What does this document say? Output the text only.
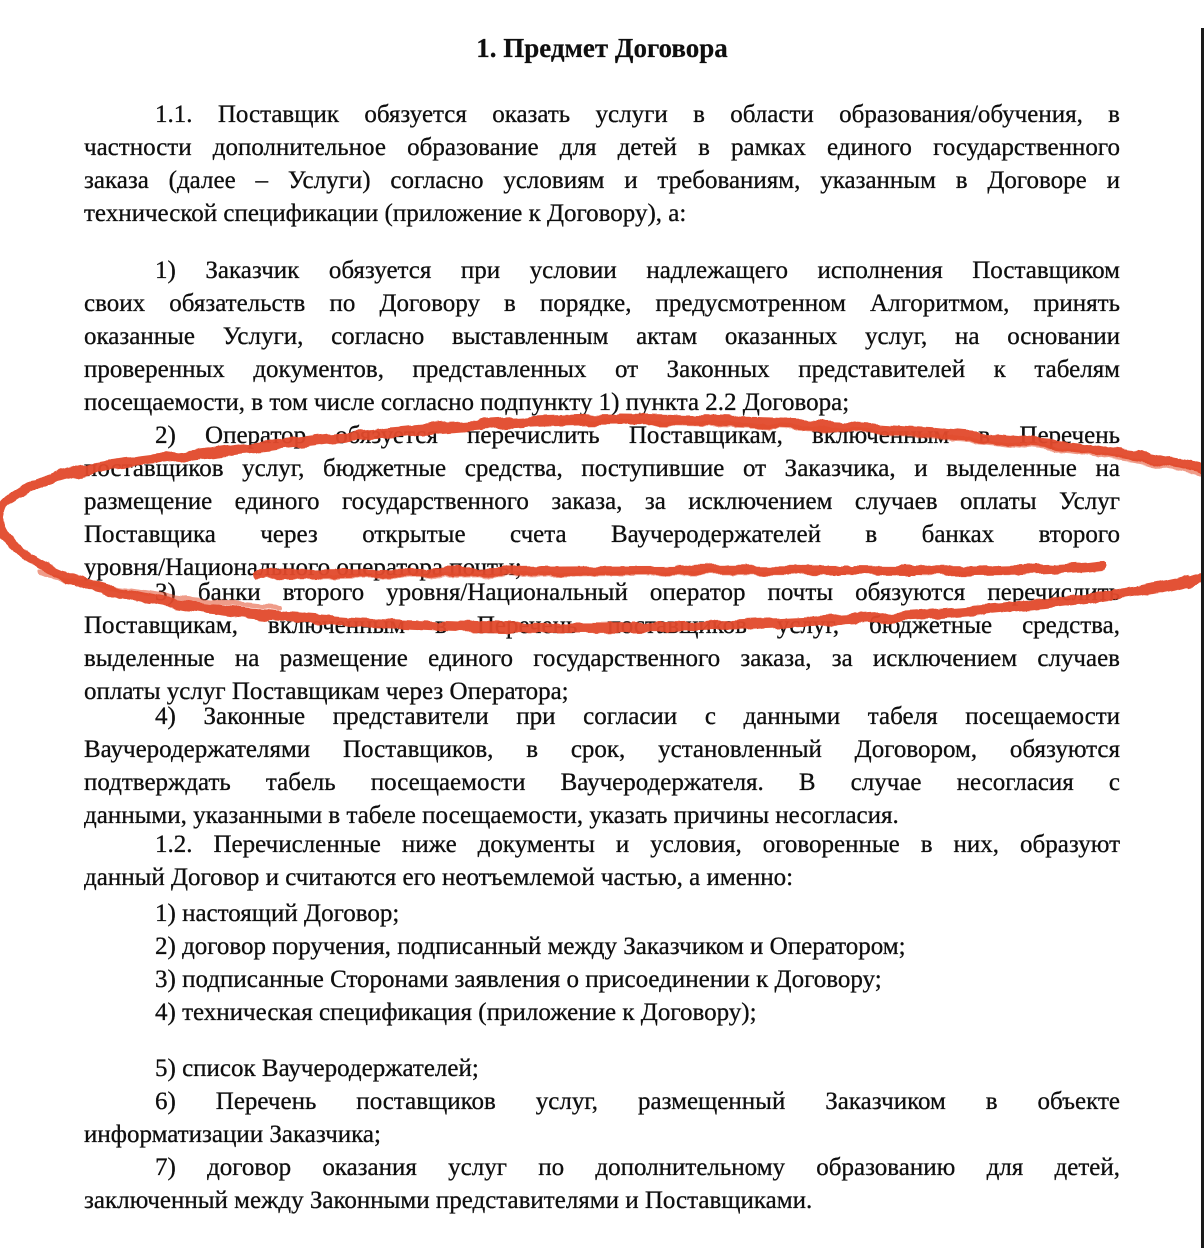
1. Предмет Договора
1.1. Поставщик обязуется оказать услуги в области образования/обучения, в
частности дополнительное образование для детей в рамках единого государственного
заказа (далее – Услуги) согласно условиям и требованиям, указанным в Договоре и
технической спецификации (приложение к Договору), а:
1) Заказчик обязуется при условии надлежащего исполнения Поставщиком
своих обязательств по Договору в порядке, предусмотренном Алгоритмом, принять
оказанные Услуги, согласно выставленным актам оказанных услуг, на основании
проверенных документов, представленных от Законных представителей к табелям
посещаемости, в том числе согласно подпункту 1) пункта 2.2 Договора;
2) Оператор обязуется перечислить Поставщикам, включенным в Перечень
поставщиков услуг, бюджетные средства, поступившие от Заказчика, и выделенные на
размещение единого государственного заказа, за исключением случаев оплаты Услуг
Поставщика через открытые счета Ваучеродержателей в банках второго
уровня/Национального оператора почты;
3) банки второго уровня/Национальный оператор почты обязуются перечислить
Поставщикам, включенным в Перечень поставщиков услуг, бюджетные средства,
выделенные на размещение единого государственного заказа, за исключением случаев
оплаты услуг Поставщикам через Оператора;
4) Законные представители при согласии с данными табеля посещаемости
Ваучеродержателями Поставщиков, в срок, установленный Договором, обязуются
подтверждать табель посещаемости Ваучеродержателя. В случае несогласия с
данными, указанными в табеле посещаемости, указать причины несогласия.
1.2. Перечисленные ниже документы и условия, оговоренные в них, образуют
данный Договор и считаются его неотъемлемой частью, а именно:
1) настоящий Договор;
2) договор поручения, подписанный между Заказчиком и Оператором;
3) подписанные Сторонами заявления о присоединении к Договору;
4) техническая спецификация (приложение к Договору);
5) список Ваучеродержателей;
6) Перечень поставщиков услуг, размещенный Заказчиком в объекте
информатизации Заказчика;
7) договор оказания услуг по дополнительному образованию для детей,
заключенный между Законными представителями и Поставщиками.
